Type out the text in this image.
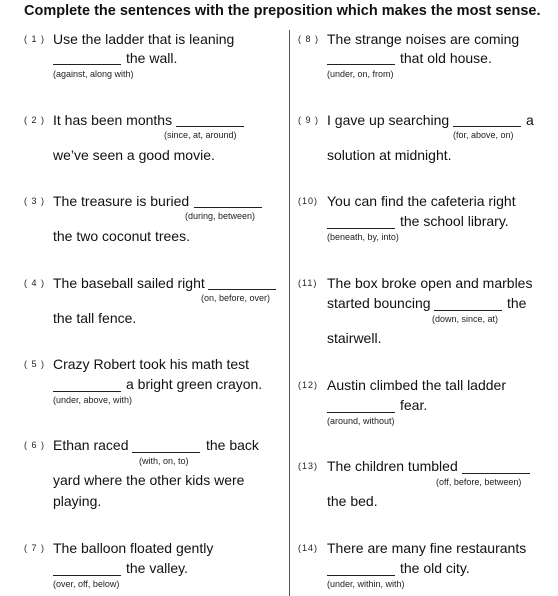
Complete the sentences with the preposition which makes the most sense.
( 1 ) Use the ladder that is leaning
the wall.
(against, along with)
( 2 ) It has been months
(since, at, around)
we’ve seen a good movie.
( 3 ) The treasure is buried
(during, between)
the two coconut trees.
( 4 ) The baseball sailed right
(on, before, over)
the tall fence.
( 5 ) Crazy Robert took his math test
a bright green crayon.
(under, above, with)
( 6 ) Ethan raced	the back
(with, on, to)
yard where the other kids were
playing.
( 7 ) The balloon floated gently
the valley.
(over, off, below)
( 8 ) The strange noises are coming
that old house.
(under, on, from)
( 9 ) I gave up searching	a
(for, above, on)
solution at midnight.
(10) You can find the cafeteria right
the school library.
(beneath, by, into)
(11) The box broke open and marbles
started bouncing	the
(down, since, at)
stairwell.
(12) Austin climbed the tall ladder
fear.
(around, without)
(13) The children tumbled
(off, before, between)
the bed.
(14) There are many fine restaurants
the old city.
(under, within, with)
